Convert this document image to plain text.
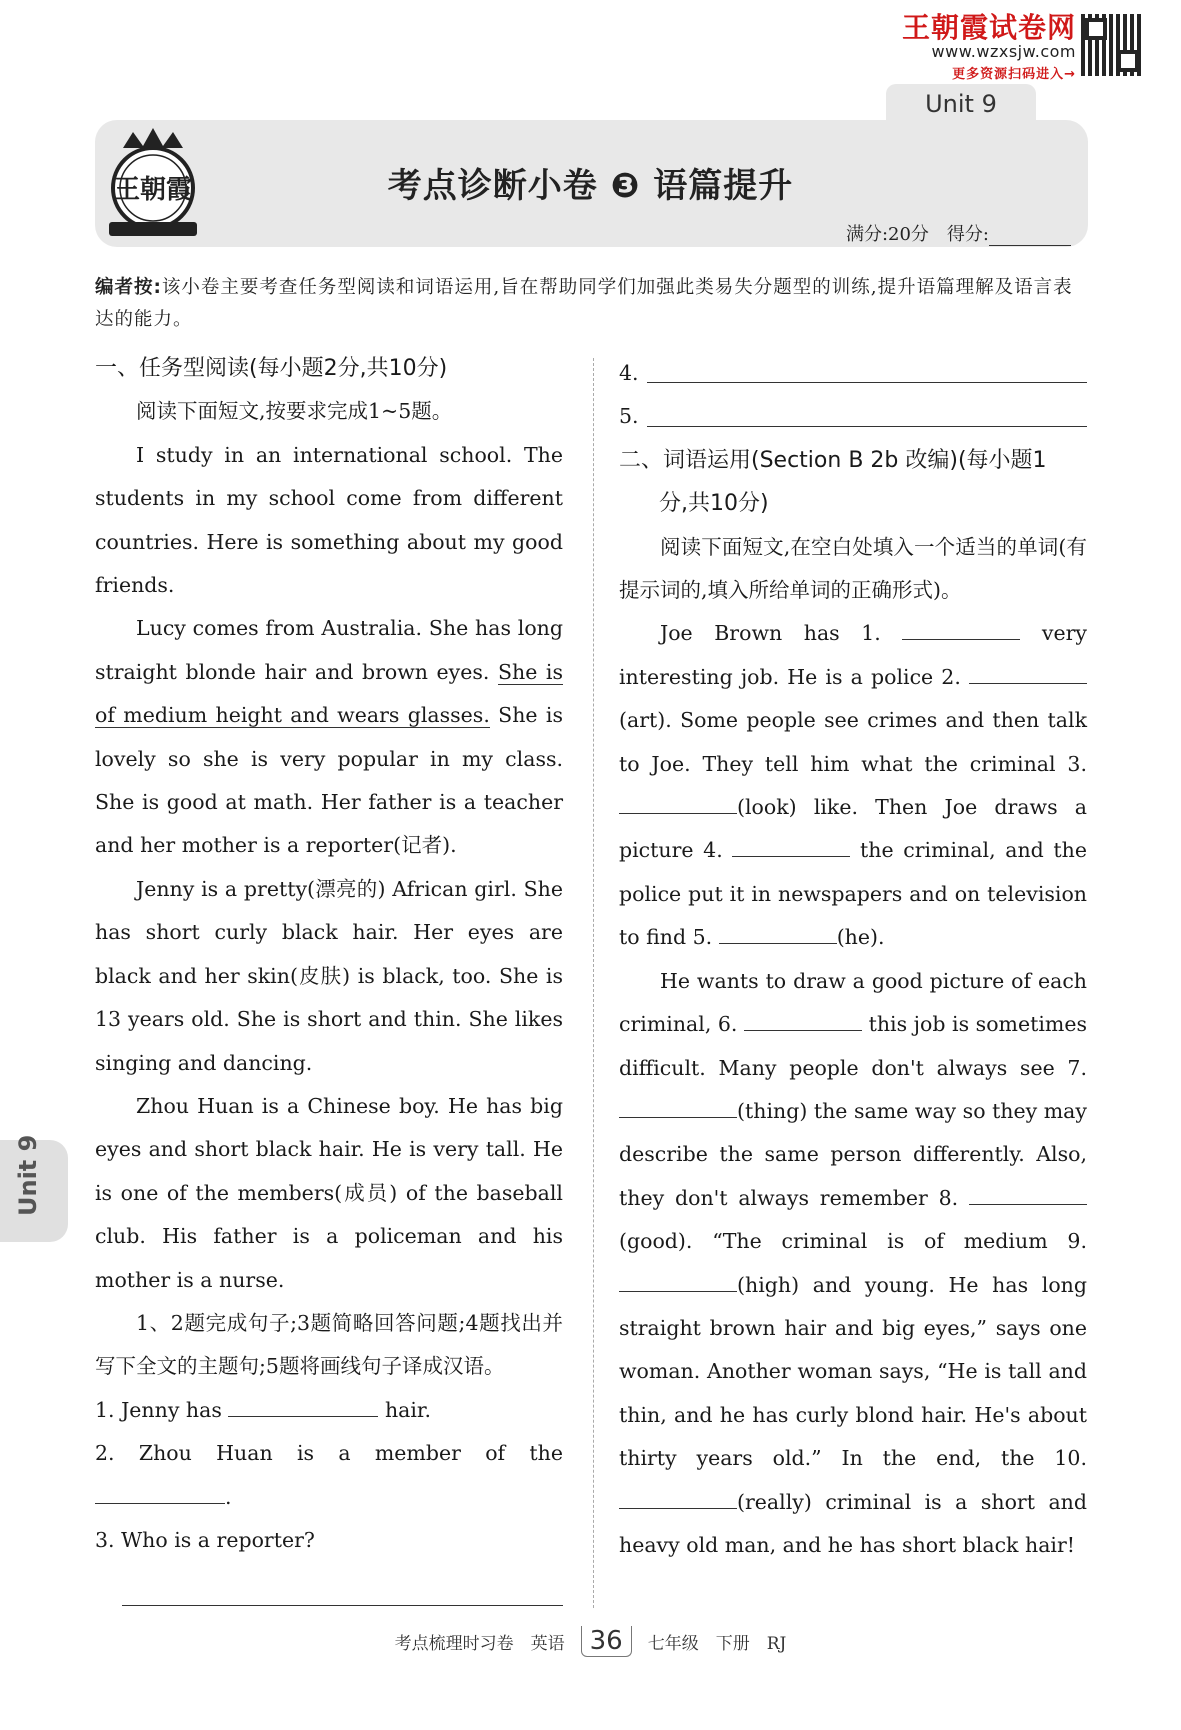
王朝霞试卷网
www.wzxsjw.com
更多资源扫码进入→
Unit 9
王朝霞	考点诊断小卷 ❸ 语篇提升
满分:20分　得分:
编者按:该小卷主要考查任务型阅读和词语运用,旨在帮助同学们加强此类易失分题型的训练,提升语篇理解及语言表达的能力。

一、任务型阅读(每小题2分,共10分)

阅读下面短文,按要求完成1~5题。

I study in an international school. The students in my school come from different countries. Here is something about my good friends.

Lucy comes from Australia. She has long straight blonde hair and brown eyes. She is of medium height and wears glasses. She is lovely so she is very popular in my class. She is good at math. Her father is a teacher and her mother is a reporter(记者).

Jenny is a pretty(漂亮的) African girl. She has short curly black hair. Her eyes are black and her skin(皮肤) is black, too. She is 13 years old. She is short and thin. She likes singing and dancing.

Zhou Huan is a Chinese boy. He has big eyes and short black hair. He is very tall. He is one of the members(成员) of the baseball club. His father is a policeman and his mother is a nurse.

1、2题完成句子;3题简略回答问题;4题找出并写下全文的主题句;5题将画线句子译成汉语。

1. Jenny has	hair.

2. Zhou Huan is a member of the .

3. Who is a reporter?

4.

5.

二、词语运用(Section B 2b 改编)(每小题1

分,共10分)

阅读下面短文,在空白处填入一个适当的单词(有提示词的,填入所给单词的正确形式)。

Joe Brown has 1.	very interesting job. He is a police 2. (art). Some people see crimes and then talk to Joe. They tell him what the criminal 3. (look) like. Then Joe draws a picture 4.	the criminal, and the police put it in newspapers and on television to find 5.	(he).

He wants to draw a good picture of each criminal, 6.	this job is sometimes difficult. Many people don't always see 7. (thing) the same way so they may describe the same person differently. Also, they don't always remember 8. (good). “The criminal is of medium 9. (high) and young. He has long straight brown hair and big eyes,” says one woman. Another woman says, “He is tall and thin, and he has curly blond hair. He's about thirty years old.” In the end, the 10. (really) criminal is a short and heavy old man, and he has short black hair!

Unit 9
考点梳理时习卷　英语 36 七年级　下册　RJ
